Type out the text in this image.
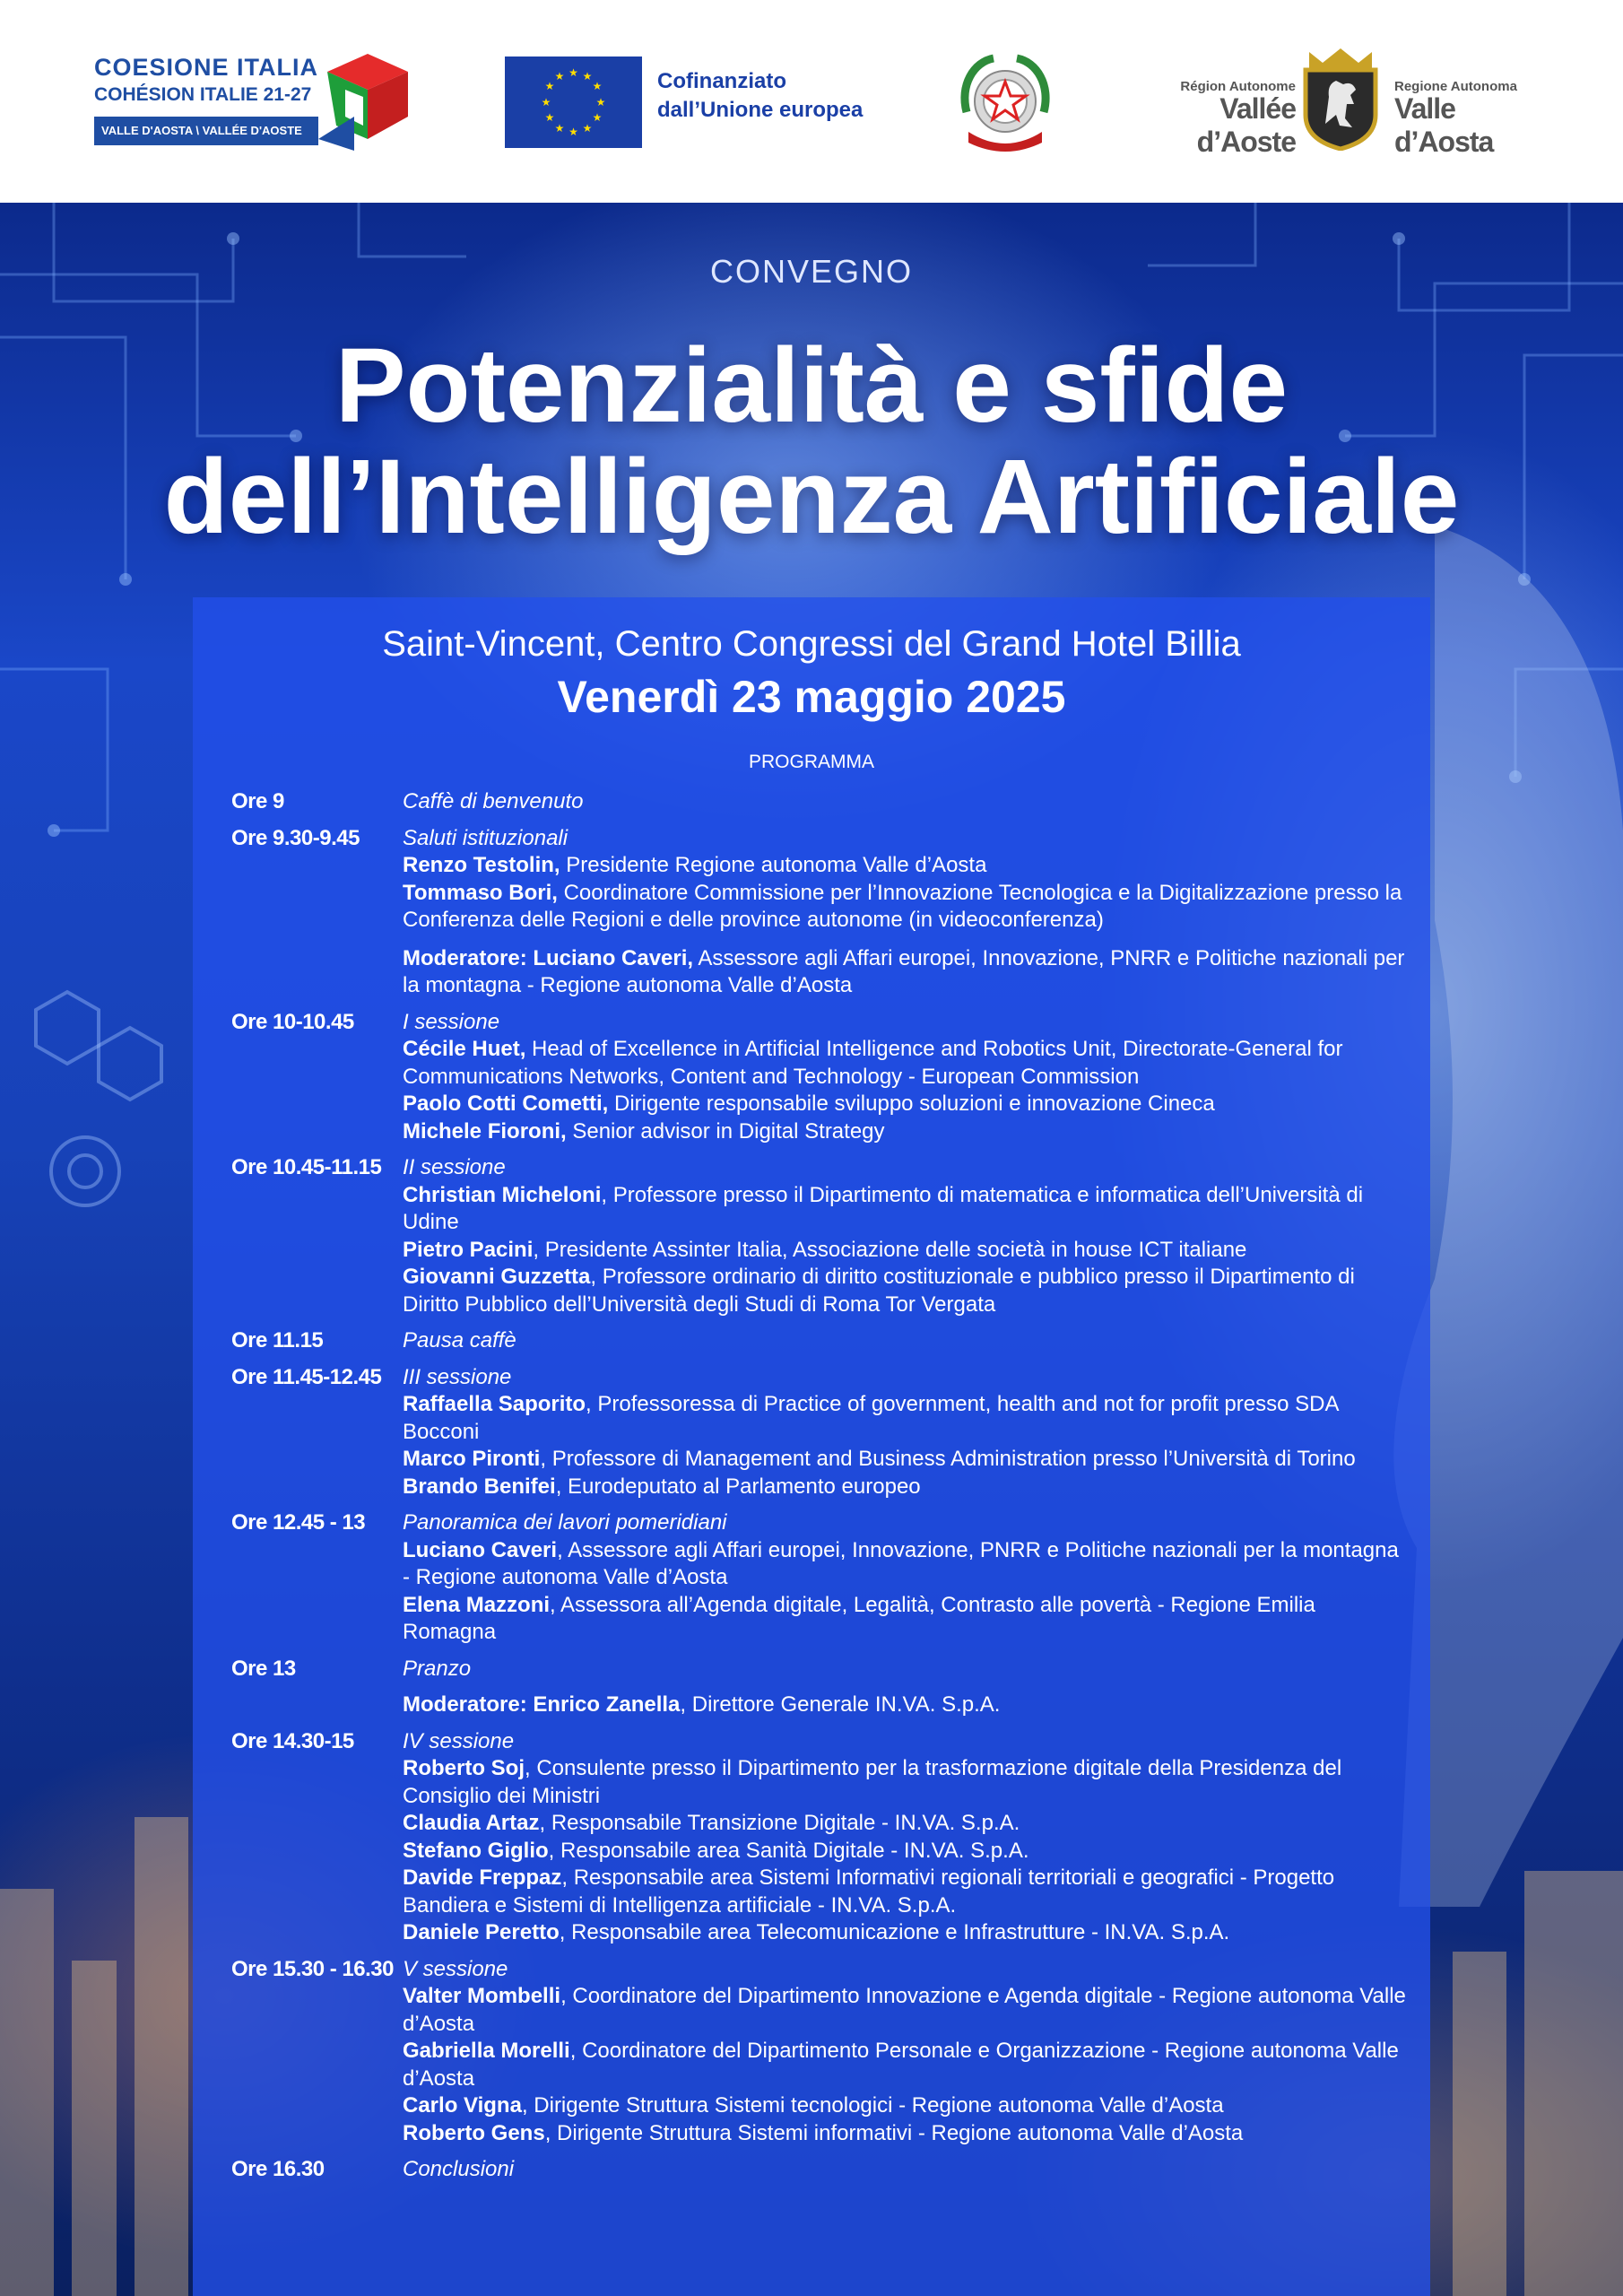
COESIONE ITALIA
COHÉSION ITALIE 21-27
VALLE D'AOSTA \ VALLÉE D'AOSTE
★ ★
★
★
★
★
★
★
★
★
★
★	Cofinanziato
dall’Unione europea
Région Autonome
Vallée d’Aoste
Regione Autonoma
Valle d’Aosta
CONVEGNO
Potenzialità e sfide
dell’Intelligenza Artificiale
Saint-Vincent, Centro Congressi del Grand Hotel Billia
Venerdì 23 maggio 2025
PROGRAMMA
Ore 9	Caffè di benvenuto
Ore 9.30-9.45	Saluti istituzionali
Renzo Testolin, Presidente Regione autonoma Valle d’Aosta
Tommaso Bori, Coordinatore Commissione per l’Innovazione Tecnologica e la Digitalizzazione presso la Conferenza delle Regioni e delle province autonome (in videoconferenza)
Moderatore: Luciano Caveri, Assessore agli Affari europei, Innovazione, PNRR e Politiche nazionali per la montagna - Regione autonoma Valle d’Aosta
Ore 10-10.45	I sessione
Cécile Huet, Head of Excellence in Artificial Intelligence and Robotics Unit, Directorate-General for Communications Networks, Content and Technology - European Commission
Paolo Cotti Cometti, Dirigente responsabile sviluppo soluzioni e innovazione Cineca
Michele Fioroni, Senior advisor in Digital Strategy
Ore 10.45-11.15 II sessione
Christian Micheloni, Professore presso il Dipartimento di matematica e informatica dell’Università di Udine
Pietro Pacini, Presidente Assinter Italia, Associazione delle società in house ICT italiane
Giovanni Guzzetta, Professore ordinario di diritto costituzionale e pubblico presso il Dipartimento di Diritto Pubblico dell’Università degli Studi di Roma Tor Vergata
Ore 11.15	Pausa caffè
Ore 11.45-12.45 III sessione
Raffaella Saporito, Professoressa di Practice of government, health and not for profit presso SDA Bocconi
Marco Pironti, Professore di Management and Business Administration presso l’Università di Torino
Brando Benifei, Eurodeputato al Parlamento europeo
Ore 12.45 - 13	Panoramica dei lavori pomeridiani
Luciano Caveri, Assessore agli Affari europei, Innovazione, PNRR e Politiche nazionali per la montagna - Regione autonoma Valle d’Aosta
Elena Mazzoni, Assessora all’Agenda digitale, Legalità, Contrasto alle povertà - Regione Emilia Romagna
Ore 13	Pranzo
Moderatore: Enrico Zanella, Direttore Generale IN.VA. S.p.A.
Ore 14.30-15	IV sessione
Roberto Soj, Consulente presso il Dipartimento per la trasformazione digitale della Presidenza del Consiglio dei Ministri
Claudia Artaz, Responsabile Transizione Digitale - IN.VA. S.p.A.
Stefano Giglio, Responsabile area Sanità Digitale - IN.VA. S.p.A.
Davide Freppaz, Responsabile area Sistemi Informativi regionali territoriali e geografici - Progetto Bandiera e Sistemi di Intelligenza artificiale - IN.VA. S.p.A.
Daniele Peretto, Responsabile area Telecomunicazione e Infrastrutture - IN.VA. S.p.A.
Ore 15.30 - 16.30 V sessione
Valter Mombelli, Coordinatore del Dipartimento Innovazione e Agenda digitale - Regione autonoma Valle d’Aosta
Gabriella Morelli, Coordinatore del Dipartimento Personale e Organizzazione - Regione autonoma Valle d’Aosta
Carlo Vigna, Dirigente Struttura Sistemi tecnologici - Regione autonoma Valle d’Aosta
Roberto Gens, Dirigente Struttura Sistemi informativi - Regione autonoma Valle d’Aosta
Ore 16.30	Conclusioni
